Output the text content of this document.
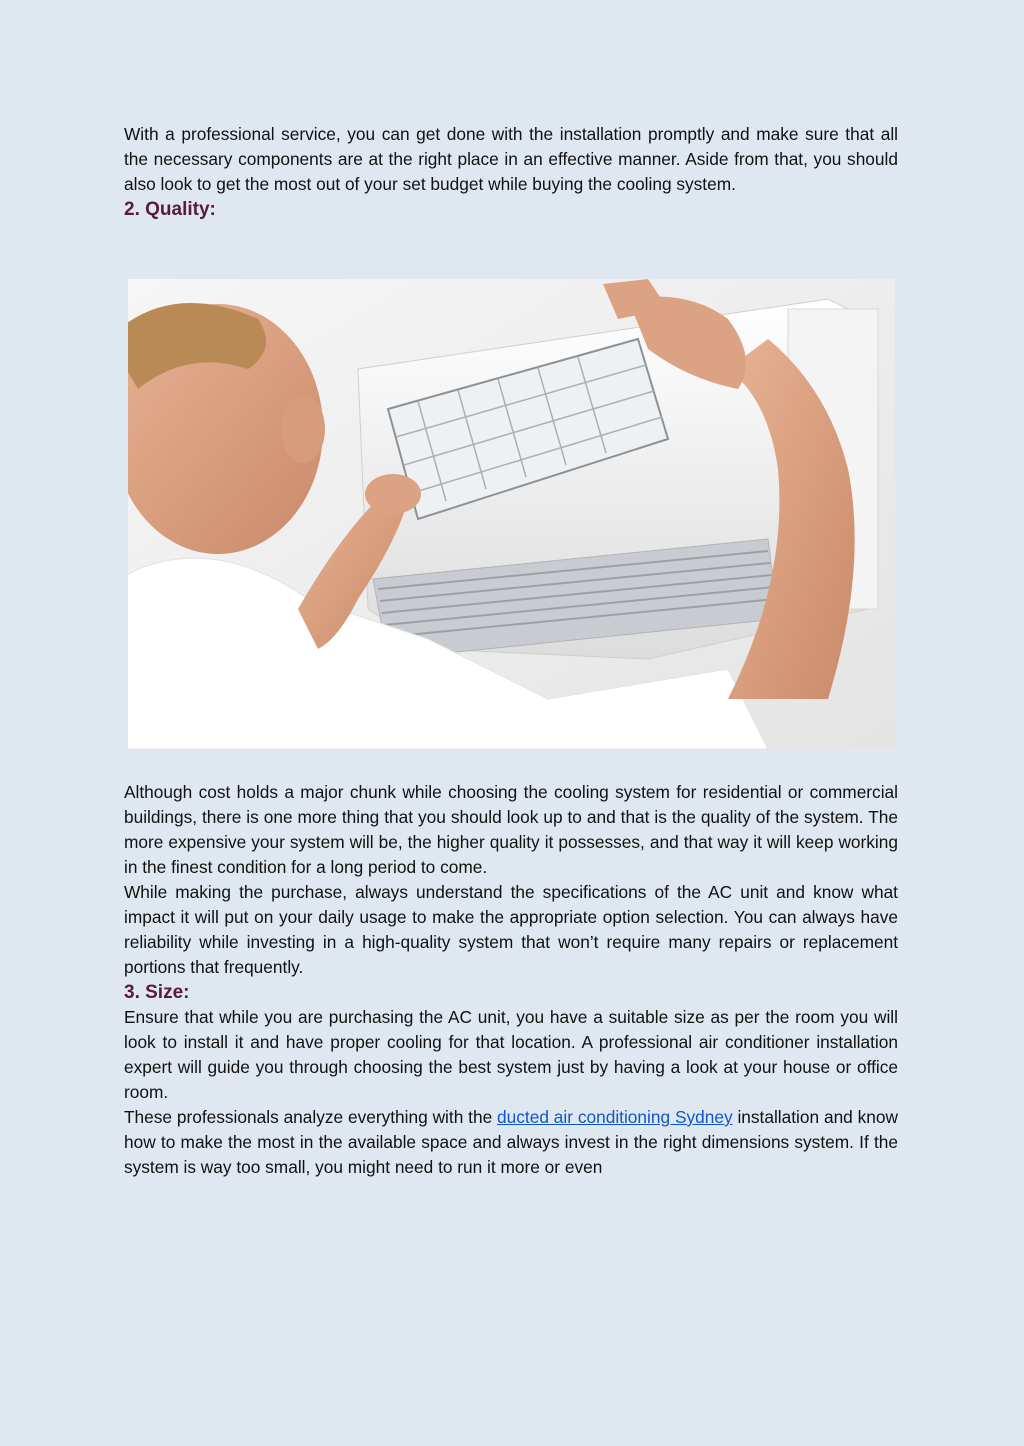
With a professional service, you can get done with the installation promptly and make sure that all the necessary components are at the right place in an effective manner. Aside from that, you should also look to get the most out of your set budget while buying the cooling system.

2. Quality:

Although cost holds a major chunk while choosing the cooling system for residential or commercial buildings, there is one more thing that you should look up to and that is the quality of the system. The more expensive your system will be, the higher quality it possesses, and that way it will keep working in the finest condition for a long period to come.

While making the purchase, always understand the specifications of the AC unit and know what impact it will put on your daily usage to make the appropriate option selection. You can always have reliability while investing in a high-quality system that won’t require many repairs or replacement portions that frequently.

3. Size:

Ensure that while you are purchasing the AC unit, you have a suitable size as per the room you will look to install it and have proper cooling for that location. A professional air conditioner installation expert will guide you through choosing the best system just by having a look at your house or office room.

These professionals analyze everything with the ducted air conditioning Sydney installation and know how to make the most in the available space and always invest in the right dimensions system. If the system is way too small, you might need to run it more or even
